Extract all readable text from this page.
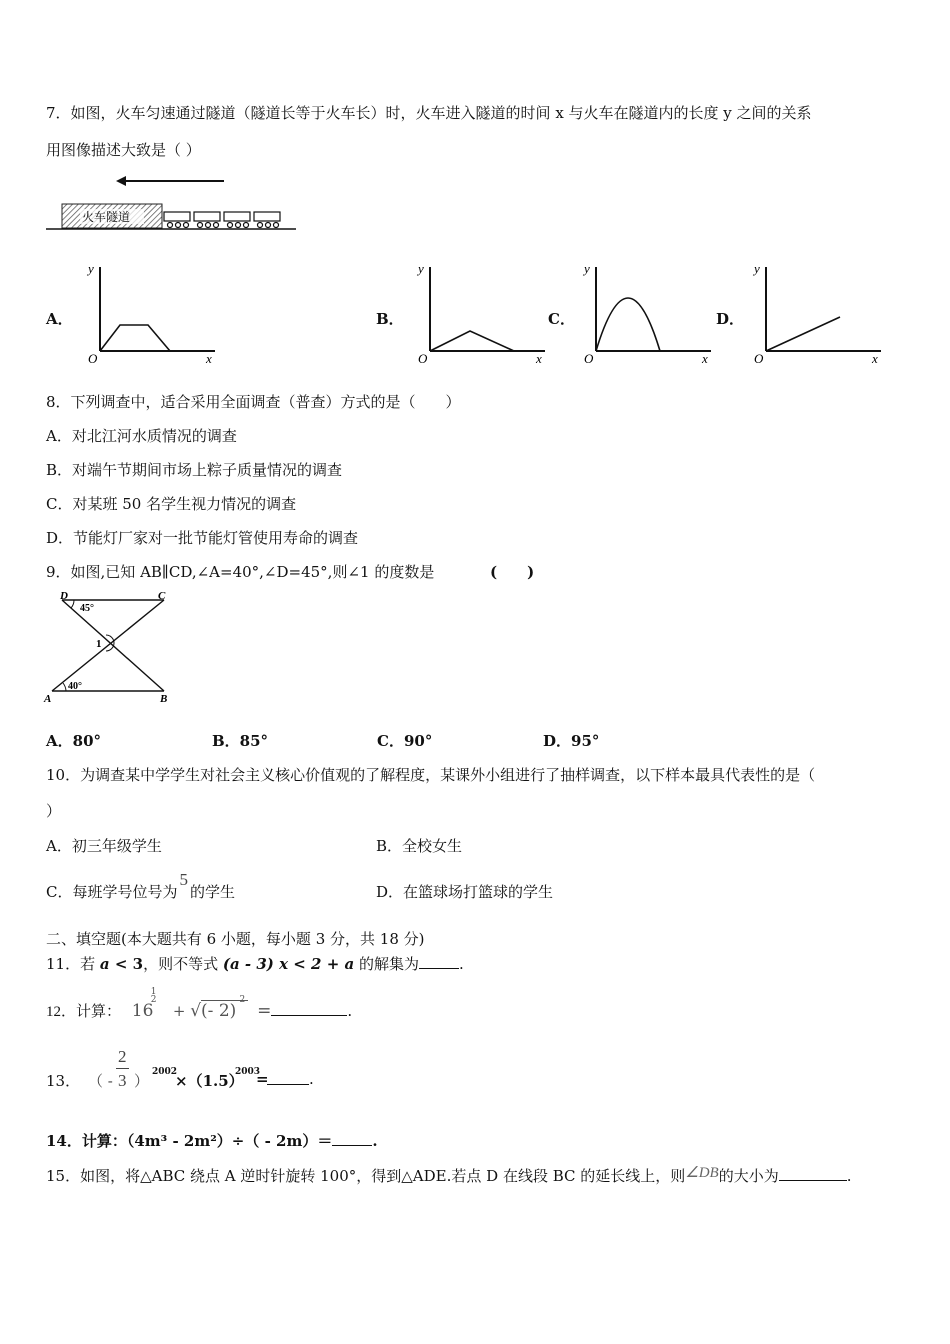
7．如图，火车匀速通过隧道（隧道长等于火车长）时，火车进入隧道的时间 x 与火车在隧道内的长度 y 之间的关系
用图像描述大致是（ ）
火车隧道
A．	B．	C．	D．
y
x
O
y
x
O
y
x
O
y
x
O
8．下列调查中，适合采用全面调查（普查）方式的是（　　）
A．对北江河水质情况的调查
B．对端午节期间市场上粽子质量情况的调查
C．对某班 50 名学生视力情况的调查
D．节能灯厂家对一批节能灯管使用寿命的调查
9．如图,已知 AB∥CD,∠A=40°,∠D=45°,则∠1 的度数是	(　　)
D	C
A	B
45°
40°
1
A．80°	B．85°	C．90°	D．95°
10．为调查某中学学生对社会主义核心价值观的了解程度，某课外小组进行了抽样调查，以下样本最具代表性的是（
）
A．初三年级学生	B．全校女生
C．每班学号位号为5的学生	D．在篮球场打篮球的学生
二、填空题(本大题共有 6 小题，每小题 3 分，共 18 分)
11．若 a < 3，则不等式 (a - 3) x < 2 + a 的解集为	.
12．计算： 16
1
2
+ √(- 2)
2
=	.
13． （ -
2
3 ） 2002
×（1.5）
2003
=	.
14．计算：（4m³ - 2m²）÷（ - 2m）＝	.
15．如图，将△ABC 绕点 A 逆时针旋转 100°，得到△ADE.若点 D 在线段 BC 的延长线上，则∠DB的大小为	.
